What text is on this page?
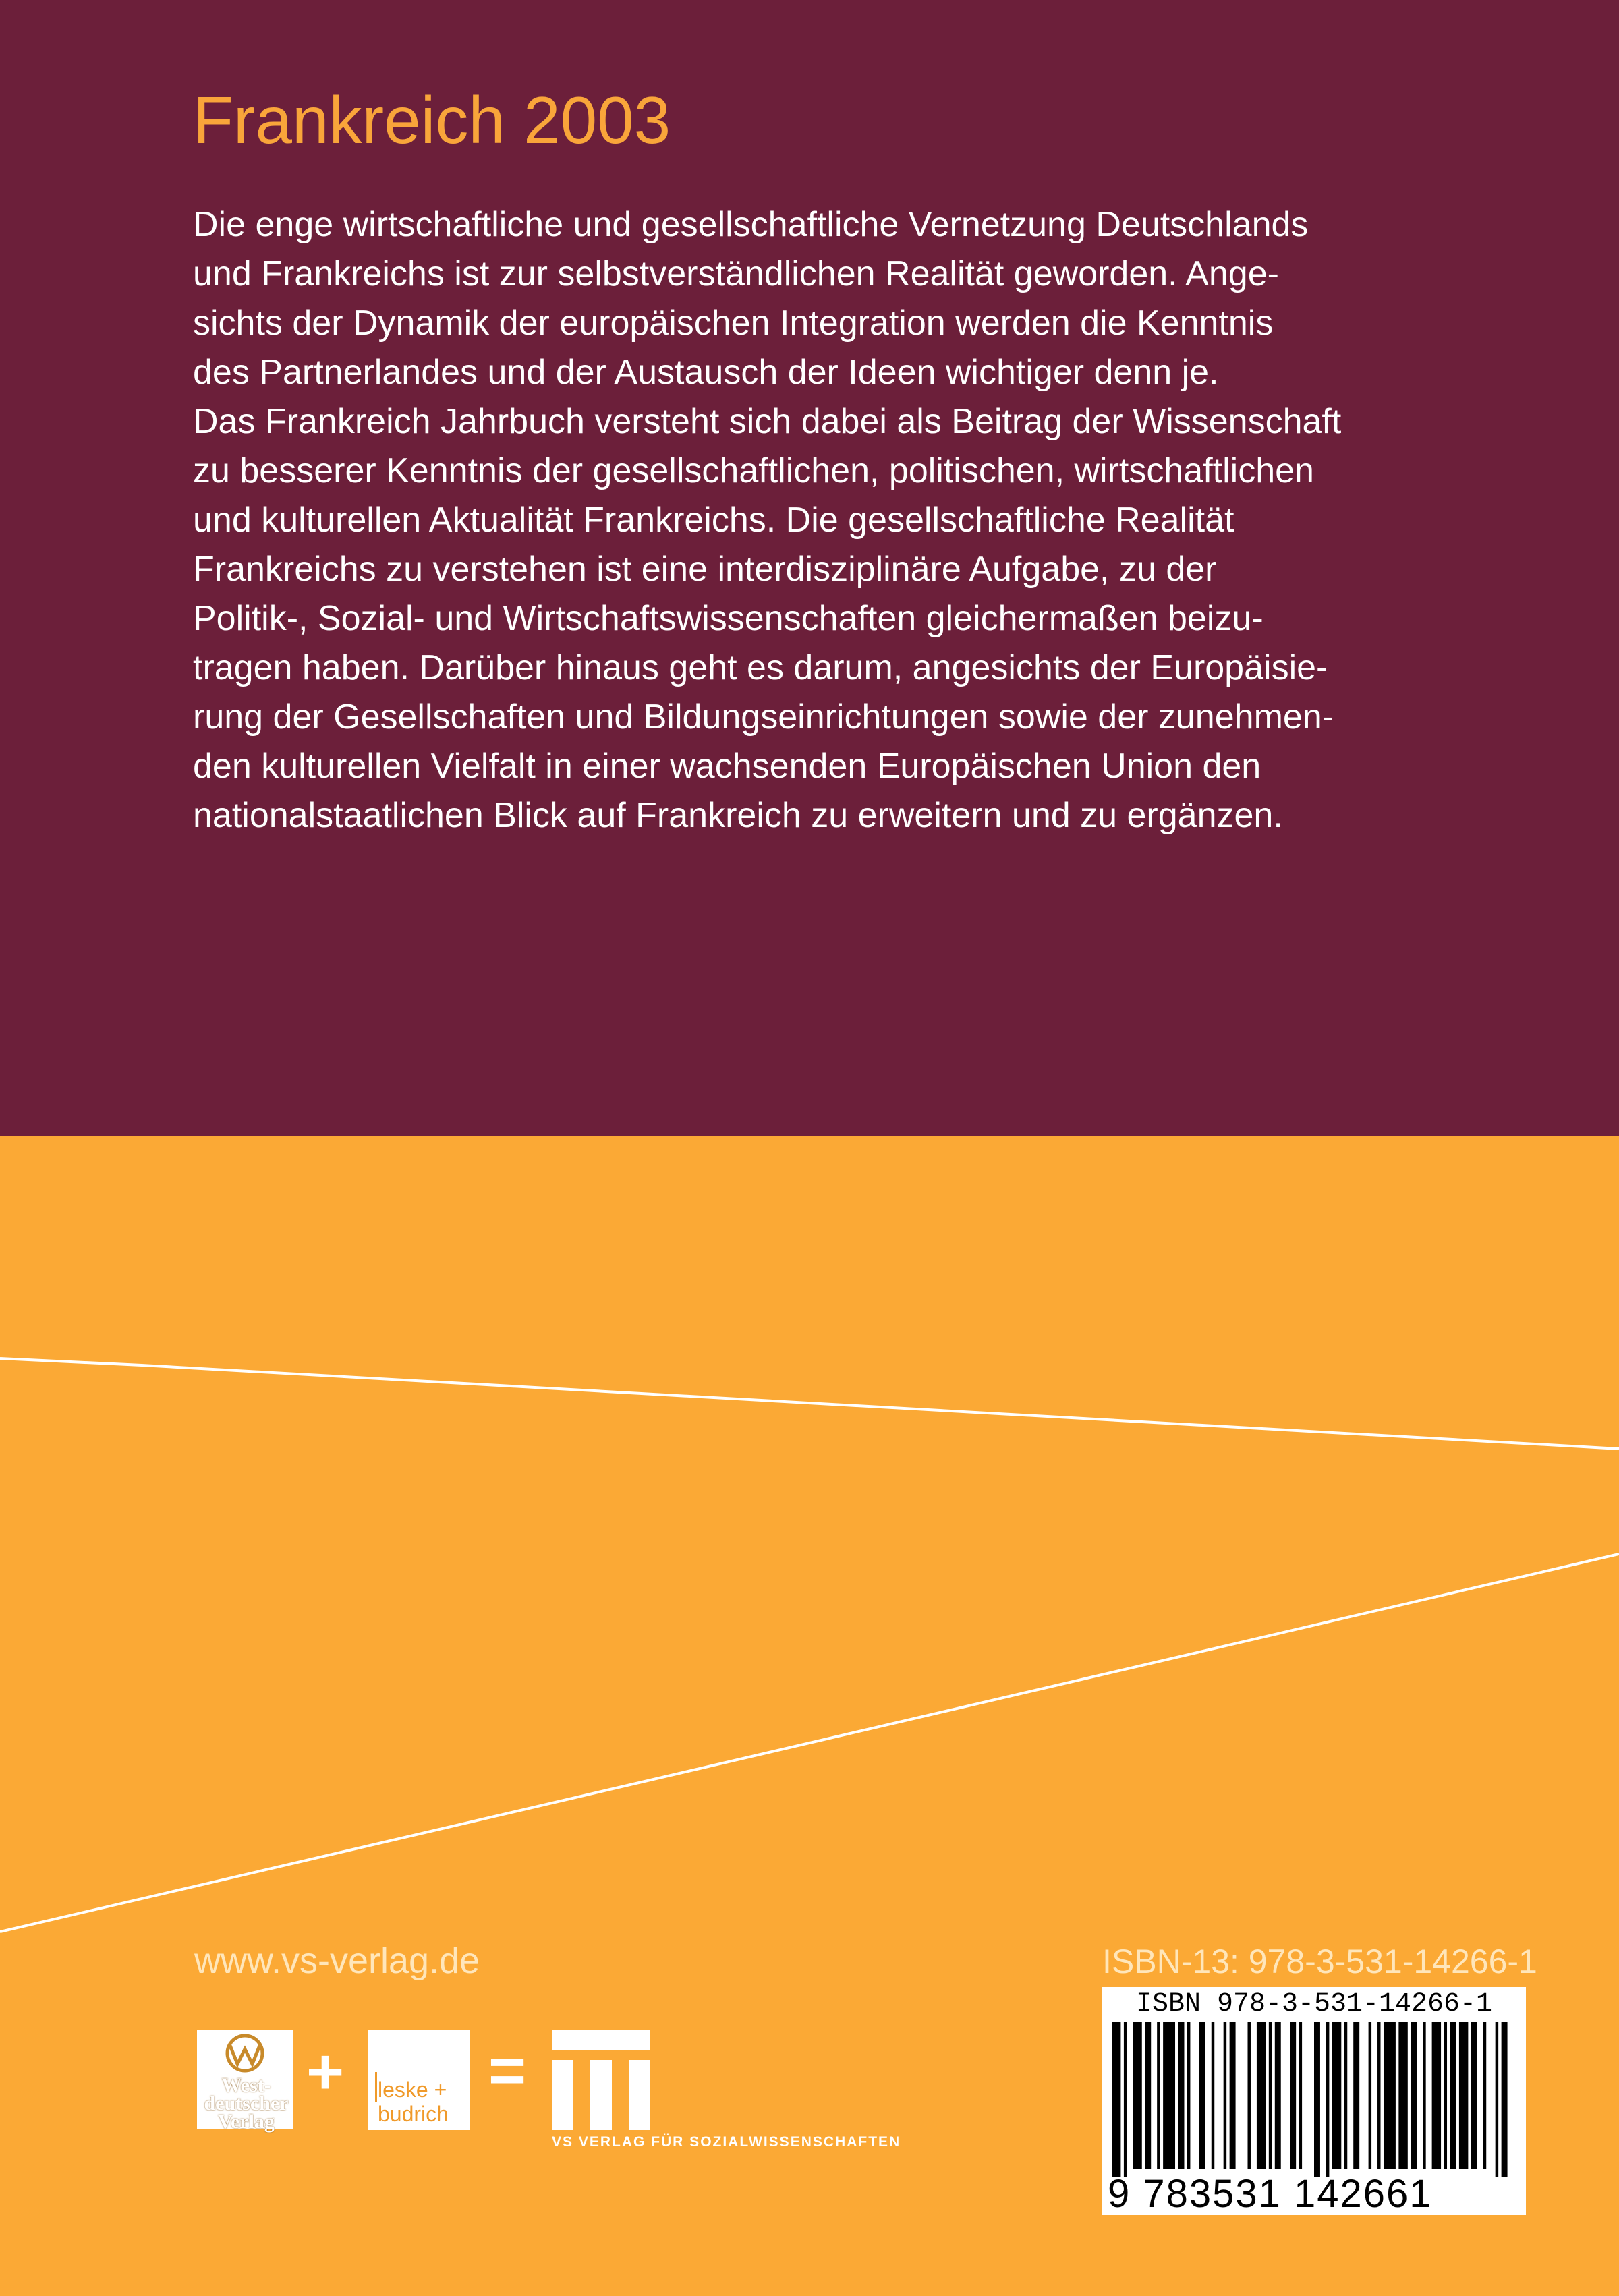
Frankreich 2003
Die enge wirtschaftliche und gesellschaftliche Vernetzung Deutschlands
und Frankreichs ist zur selbstverständlichen Realität geworden. Ange-
sichts der Dynamik der europäischen Integration werden die Kenntnis
des Partnerlandes und der Austausch der Ideen wichtiger denn je.
Das Frankreich Jahrbuch versteht sich dabei als Beitrag der Wissenschaft
zu besserer Kenntnis der gesellschaftlichen, politischen, wirtschaftlichen
und kulturellen Aktualität Frankreichs. Die gesellschaftliche Realität
Frankreichs zu verstehen ist eine interdisziplinäre Aufgabe, zu der
Politik-, Sozial- und Wirtschaftswissenschaften gleichermaßen beizu-
tragen haben. Darüber hinaus geht es darum, angesichts der Europäisie-
rung der Gesellschaften und Bildungseinrichtungen sowie der zunehmen-
den kulturellen Vielfalt in einer wachsenden Europäischen Union den
nationalstaatlichen Blick auf Frankreich zu erweitern und zu ergänzen.
www.vs-verlag.de	ISBN-13: 978-3-531-14266-1
ISBN 978-3-531-14266-1
9 783531 142661
West-
deutscher
Verlag
+ leske +
budrich
=
VS VERLAG FÜR SOZIALWISSENSCHAFTEN
